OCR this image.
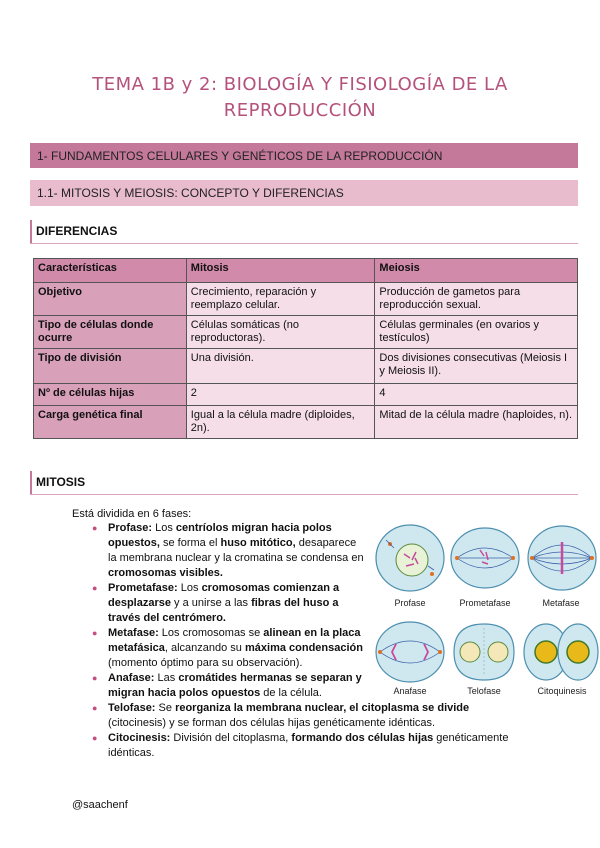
TEMA 1B y 2: BIOLOGÍA Y FISIOLOGÍA DE LA
REPRODUCCIÓN
1- FUNDAMENTOS CELULARES Y GENÉTICOS DE LA REPRODUCCIÓN
1.1- MITOSIS Y MEIOSIS: CONCEPTO Y DIFERENCIAS
DIFERENCIAS
Características	Mitosis	Meiosis
Objetivo	Crecimiento, reparación y reemplazo celular.	Producción de gametos para reproducción sexual.
Tipo de células donde ocurre	Células somáticas (no reproductoras).	Células germinales (en ovarios y testículos)
Tipo de división	Una división.	Dos divisiones consecutivas (Meiosis I y Meiosis II).
Nº de células hijas	2	4
Carga genética final	Igual a la célula madre (diploides, 2n).	Mitad de la célula madre (haploides, n).
MITOSIS
Está dividida en 6 fases:
● Profase: Los centríolos migran hacia polos opuestos, se forma el huso mitótico, desaparece la membrana nuclear y la cromatina se condensa en cromosomas visibles.
● Prometafase: Los cromosomas comienzan a desplazarse y a unirse a las fibras del huso a través del centrómero.
● Metafase: Los cromosomas se alinean en la placa metafásica, alcanzando su máxima condensación (momento óptimo para su observación).
● Anafase: Las cromátides hermanas se separan y migran hacia polos opuestos de la célula.
● Telofase: Se reorganiza la membrana nuclear, el citoplasma se divide (citocinesis) y se forman dos células hijas genéticamente idénticas.
● Citocinesis: División del citoplasma, formando dos células hijas genéticamente idénticas.
Profase	Prometafase	Metafase
Anafase	Telofase	Citoquinesis
@saachenf
